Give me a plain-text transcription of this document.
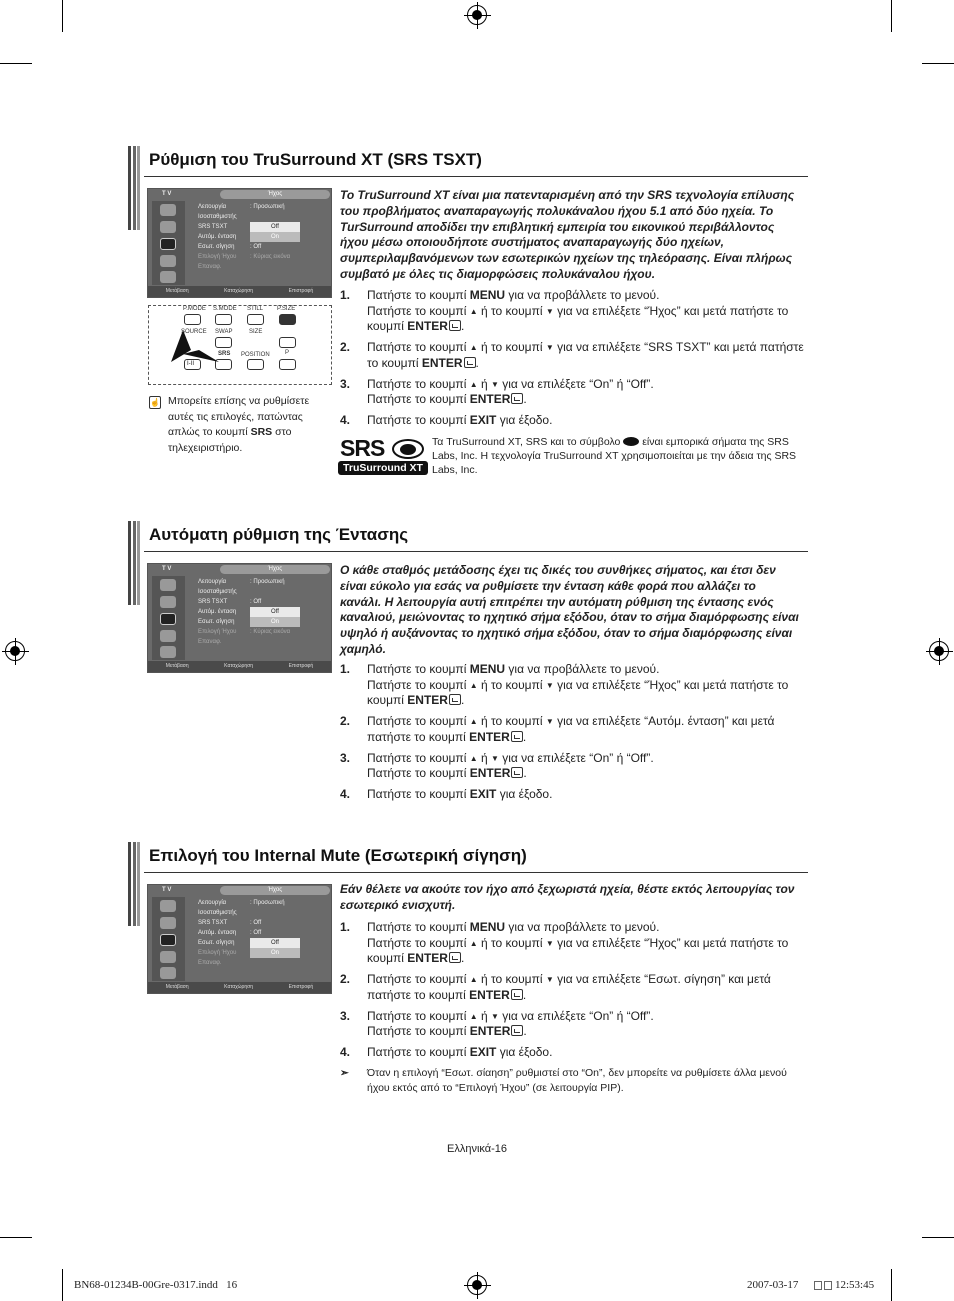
Ρύθμιση του TruSurround XT (SRS TSXT)
T V	Ήχος
Λειτουργία	: Προσωπική
Ισοσταθμιστής
SRS TSXT	Off
Αυτόμ. ένταση	On
Εσωτ. σίγηση	: Off
Επιλογή Ήχου : Κύριας εικόνα
Επαναφ.
Μετάβαση	Καταχώρηση	Επιστροφή
Το TruSurround XT είναι μια πατενταρισμένη από την SRS τεχνολογία επίλυσης του προβλήματος αναπαραγωγής πολυκάναλου ήχου 5.1 από δύο ηχεία. Το TurSurround αποδίδει την επιβλητική εμπειρία του εικονικού περιβάλλοντος ήχου μέσω οποιουδήποτε συστήματος αναπαραγωγής δύο ηχείων, συμπεριλαμβανόμενων των εσωτερικών ηχείων της τηλεόρασης. Είναι πλήρως συμβατό με όλες τις διαμορφώσεις πολυκάναλου ήχου.
1. Πατήστε το κουμπί MENU για να προβάλλετε το μενού.
Πατήστε το κουμπί ▲ ή το κουμπί ▼ για να επιλέξετε “Ήχος” και μετά πατήστε το κουμπί ENTER .
2. Πατήστε το κουμπί ▲ ή το κουμπί ▼ για να επιλέξετε “SRS TSXT” και μετά πατήστε το κουμπί ENTER .
3. Πατήστε το κουμπί ▲ ή ▼ για να επιλέξετε “On” ή “Off”.
Πατήστε το κουμπί ENTER .
4. Πατήστε το κουμπί EXIT για έξοδο.
☝ Μπορείτε επίσης να ρυθμίσετε αυτές τις επιλογές, πατώντας απλώς το κουμπί SRS στο τηλεχειριστήριο.	Τα TruSurround XT, SRS και το σύμβολο  είναι εμπορικά σήματα της SRS Labs, Inc. Η τεχνολογία TruSurround XT χρησιμοποιείται με την άδεια της SRS Labs, Inc.
P.MODE S.MODE STILL P.SIZE
SOURCE SWAP	SIZE
SRS POSITION	P
I-II
SRS
TruSurround XT
Αυτόματη ρύθμιση της Έντασης
T V	Ήχος
Λειτουργία	: Προσωπική
Ισοσταθμιστής
SRS TSXT	: Off
Αυτόμ. ένταση	Off
Εσωτ. σίγηση	On
Επιλογή Ήχου : Κύριας εικόνα
Επαναφ.
Μετάβαση	Καταχώρηση	Επιστροφή
Ο κάθε σταθμός μετάδοσης έχει τις δικές του συνθήκες σήματος, και έτσι δεν είναι εύκολο για εσάς να ρυθμίσετε την ένταση κάθε φορά που αλλάζει το κανάλι. Η λειτουργία αυτή επιτρέπει την αυτόματη ρύθμιση της έντασης ενός καναλιού, μειώνοντας το ηχητικό σήμα εξόδου, όταν το σήμα διαμόρφωσης είναι υψηλό ή αυξάνοντας το ηχητικό σήμα εξόδου, όταν το σήμα διαμόρφωσης είναι χαμηλό.
1. Πατήστε το κουμπί MENU για να προβάλλετε το μενού.
Πατήστε το κουμπί ▲ ή το κουμπί ▼ για να επιλέξετε “Ήχος” και μετά πατήστε το κουμπί ENTER .
2. Πατήστε το κουμπί ▲ ή το κουμπί ▼ για να επιλέξετε “Αυτόμ. ένταση” και μετά πατήστε το κουμπί ENTER .
3. Πατήστε το κουμπί ▲ ή ▼ για να επιλέξετε “On” ή “Off”.
Πατήστε το κουμπί ENTER .
4. Πατήστε το κουμπί EXIT για έξοδο.
Επιλογή του Internal Mute (Εσωτερική σίγηση)
T V	Ήχος
Λειτουργία	: Προσωπική
Ισοσταθμιστής
SRS TSXT	: Off
Αυτόμ. ένταση : Off
Εσωτ. σίγηση	Off
Επιλογή Ήχου	On
Επαναφ.
Μετάβαση	Καταχώρηση	Επιστροφή
Εάν θέλετε να ακούτε τον ήχο από ξεχωριστά ηχεία, θέστε εκτός λειτουργίας τον εσωτερικό ενισχυτή.
1. Πατήστε το κουμπί MENU για να προβάλλετε το μενού.
Πατήστε το κουμπί ▲ ή το κουμπί ▼ για να επιλέξετε “Ήχος” και μετά πατήστε το κουμπί ENTER .
2. Πατήστε το κουμπί ▲ ή το κουμπί ▼ για να επιλέξετε “Εσωτ. σίγηση” και μετά πατήστε το κουμπί ENTER .
3. Πατήστε το κουμπί ▲ ή ▼ για να επιλέξετε “On” ή “Off”.
Πατήστε το κουμπί ENTER .
4. Πατήστε το κουμπί EXIT για έξοδο.
➣ Όταν η επιλογή “Εσωτ. σίαηση” ρυθμιστεί στο “On”, δεν μπορείτε να ρυθμίσετε άλλα μενού ήχου εκτός από το “Επιλογή Ήχου” (σε λειτουργία PIP).
Ελληνικά-16
BN68-01234B-00Gre-0317.indd   16	2007-03-17	12:53:45
